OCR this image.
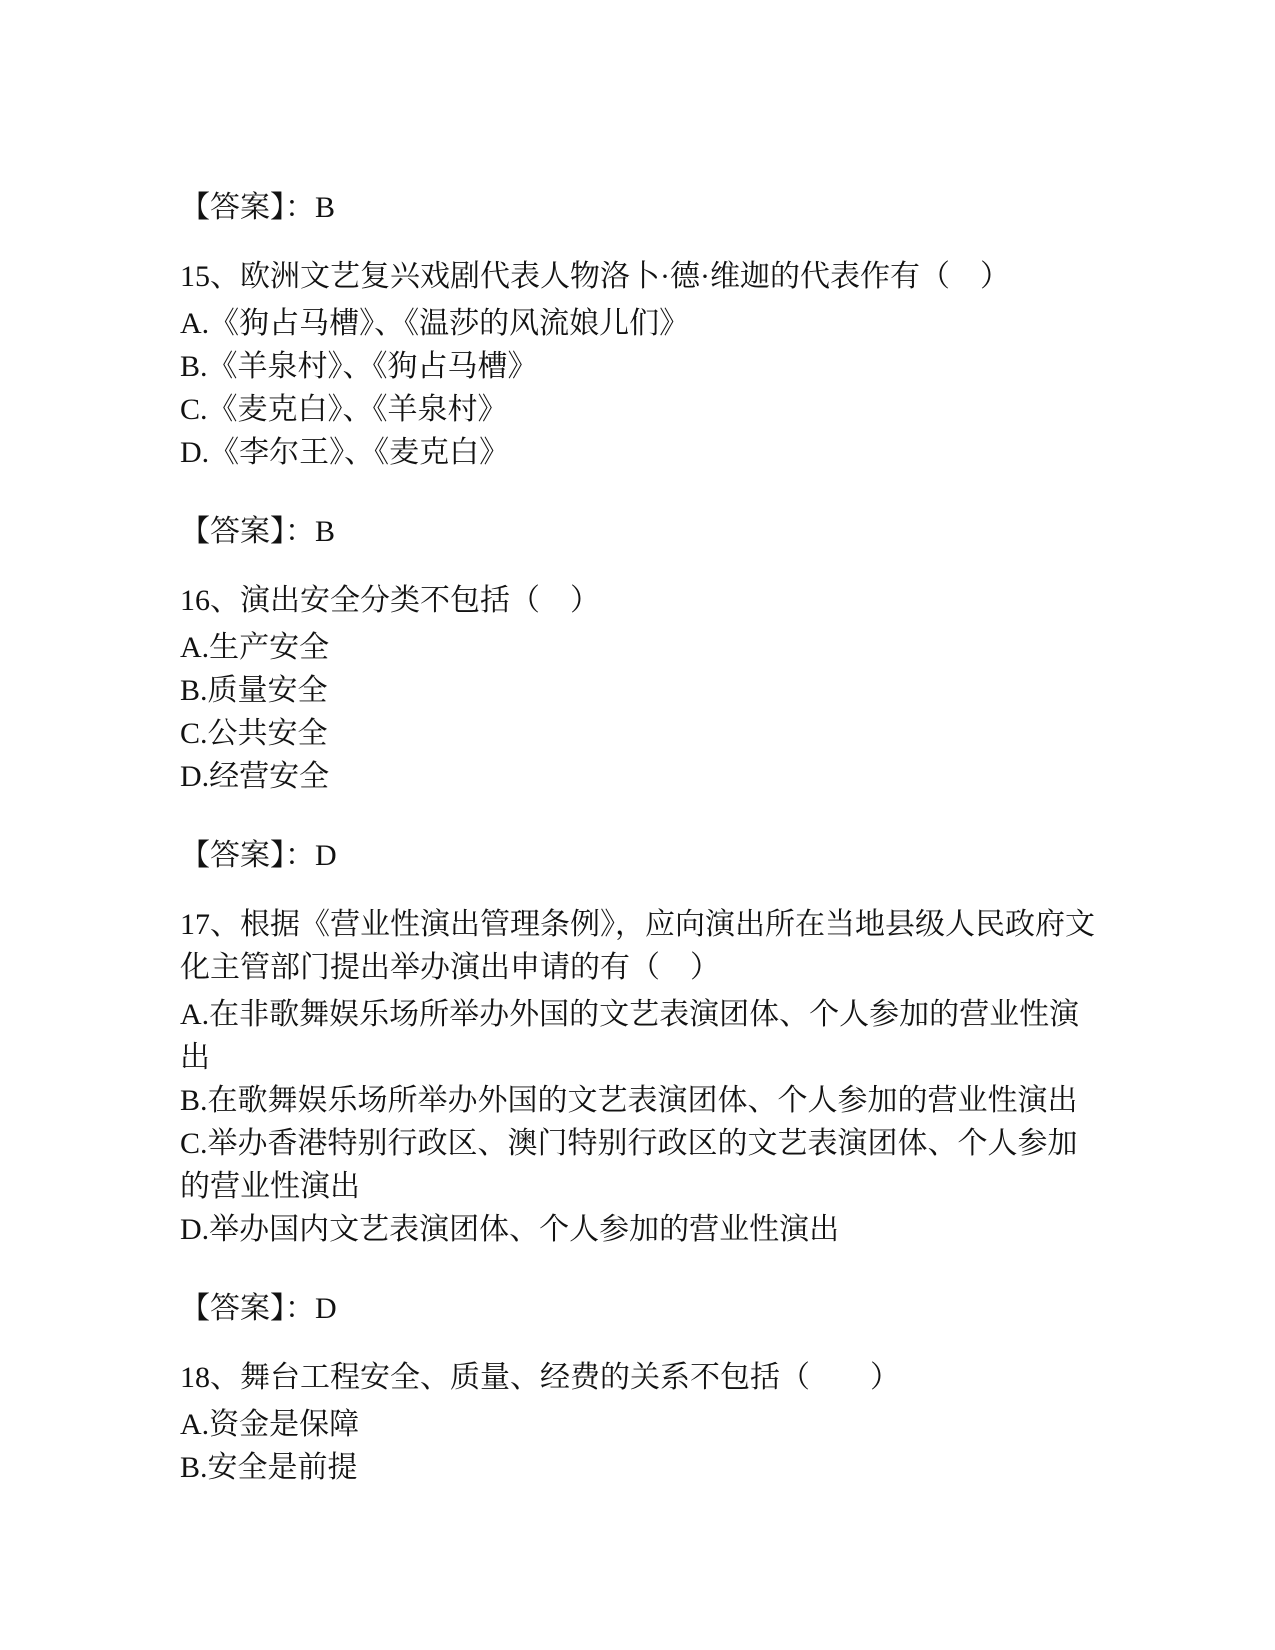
【答案】：B

15、欧洲文艺复兴戏剧代表人物洛卜·德·维迦的代表作有（　）

A.《狗占马槽》、《温莎的风流娘儿们》

B.《羊泉村》、《狗占马槽》

C.《麦克白》、《羊泉村》

D.《李尔王》、《麦克白》

【答案】：B

16、演出安全分类不包括（　）

A.生产安全

B.质量安全

C.公共安全

D.经营安全

【答案】：D

17、根据《营业性演出管理条例》，应向演出所在当地县级人民政府文化主管部门提出举办演出申请的有（　）

A.在非歌舞娱乐场所举办外国的文艺表演团体、个人参加的营业性演出

B.在歌舞娱乐场所举办外国的文艺表演团体、个人参加的营业性演出

C.举办香港特别行政区、澳门特别行政区的文艺表演团体、个人参加的营业性演出

D.举办国内文艺表演团体、个人参加的营业性演出

【答案】：D

18、舞台工程安全、质量、经费的关系不包括（　　）

A.资金是保障

B.安全是前提
